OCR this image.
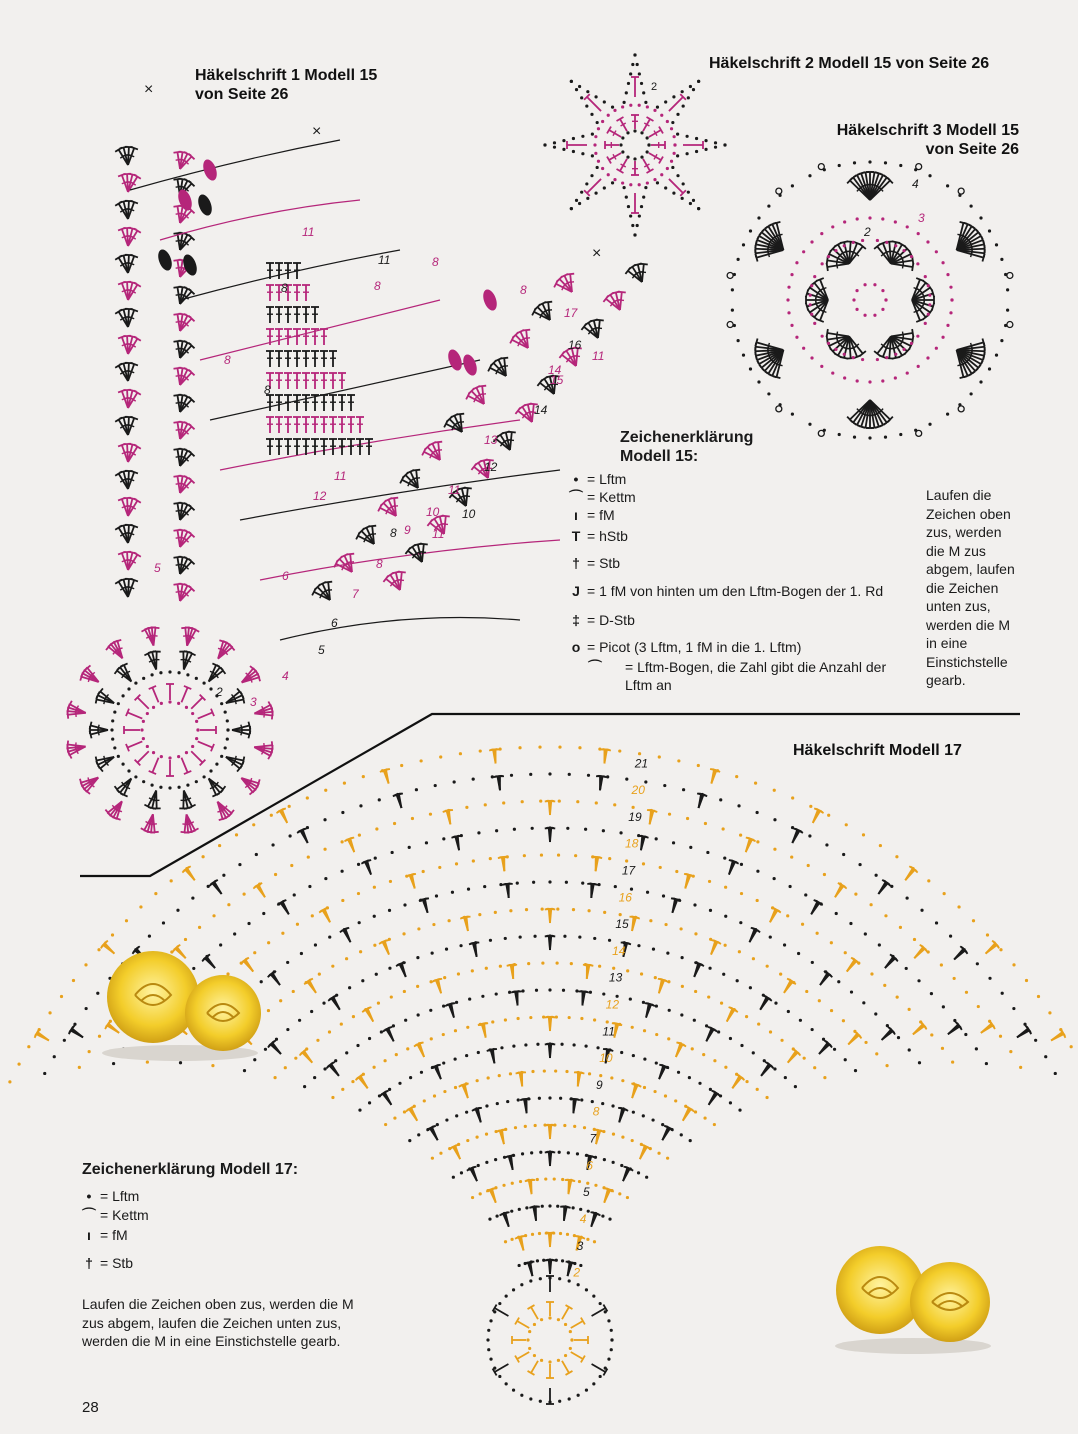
Häkelschrift 1 Modell 15
von Seite 26
Häkelschrift 2 Modell 15 von Seite 26
Häkelschrift 3 Modell 15
von Seite 26
Häkelschrift Modell 17
×
×
×
2
3
4
5
5
6
6
7
8
8 9
10 10
11
11
12
12
13
14
14
15
16
17
11
11
11
11
8	8
8
8
8
8
2
2
3
4
Zeichenerklärung
Modell 15:
• = Lftm
⌒ = Kettm
ı = fM
T = hStb
† = Stb
J = 1 fM von hinten um den Lftm-Bogen der 1. Rd
‡ = D-Stb
o = Picot (3 Lftm, 1 fM in die 1. Lftm)
⌒	= Lftm-Bogen, die Zahl gibt die Anzahl der
Lftm an
Laufen die
Zeichen oben
zus, werden
die M zus
abgem, laufen
die Zeichen
unten zus,
werden die M
in eine
Einstichstelle
gearb.
2
3
4
5
6
7
8
9
10
11
12
13
14
15
16
17
18
19
20
21
Zeichenerklärung Modell 17:
• = Lftm
⌒ = Kettm
ı = fM
† = Stb
Laufen die Zeichen oben zus, werden die M
zus abgem, laufen die Zeichen unten zus,
werden die M in eine Einstichstelle gearb.
28
